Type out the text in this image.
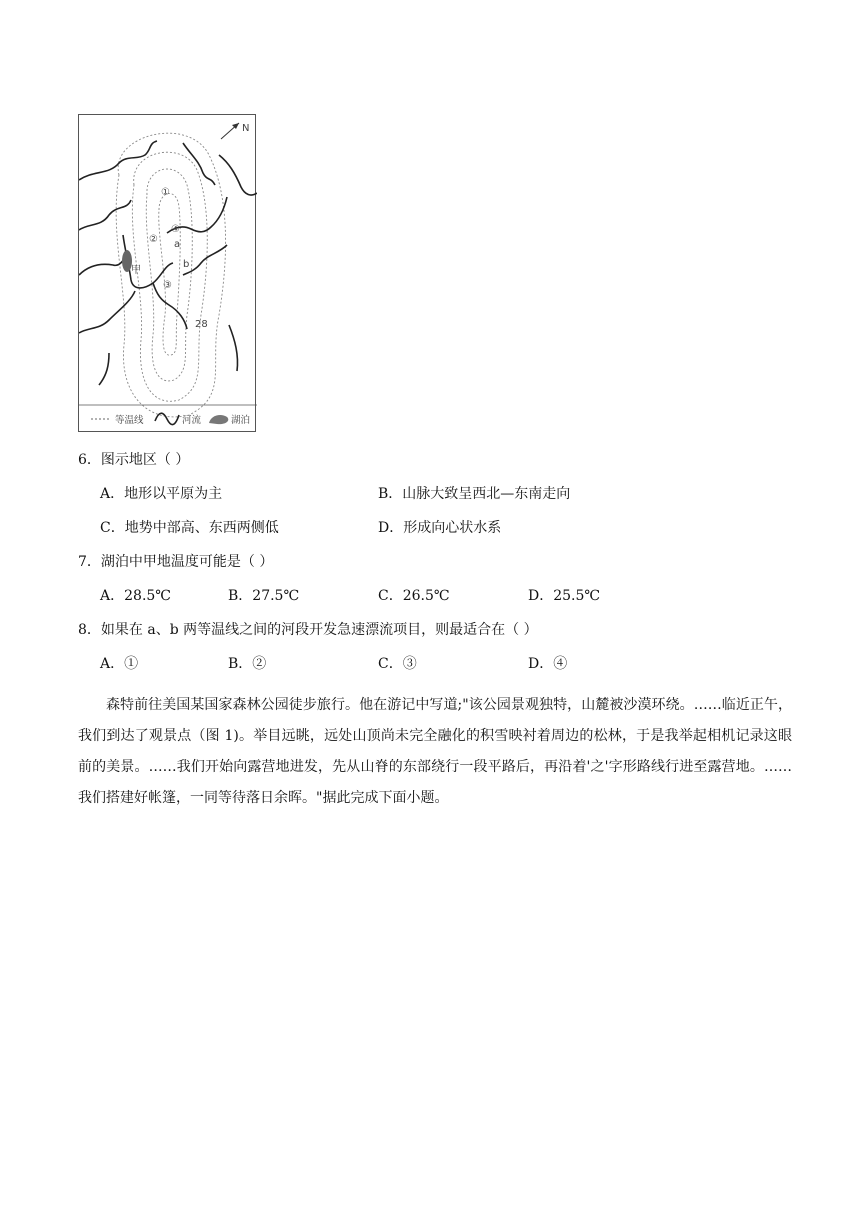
N
①
②
③
④
a
b
甲
28
等温线	河流	湖泊
6．图示地区（ ）
A．地形以平原为主	B．山脉大致呈西北—东南走向
C．地势中部高、东西两侧低	D．形成向心状水系
7．湖泊中甲地温度可能是（ ）
A．28.5℃	B．27.5℃	C．26.5℃	D．25.5℃
8．如果在 a、b 两等温线之间的河段开发急速漂流项目，则最适合在（ ）
A．①	B．②	C．③	D．④

森特前往美国某国家森林公园徒步旅行。他在游记中写道;"该公园景观独特，山麓被沙漠环绕。……临近正午，我们到达了观景点（图 1)。举目远眺，远处山顶尚未完全融化的积雪映衬着周边的松林，于是我举起相机记录这眼前的美景。……我们开始向露营地进发，先从山脊的东部绕行一段平路后，再沿着'之'字形路线行进至露营地。……我们搭建好帐篷，一同等待落日余晖。"据此完成下面小题。
